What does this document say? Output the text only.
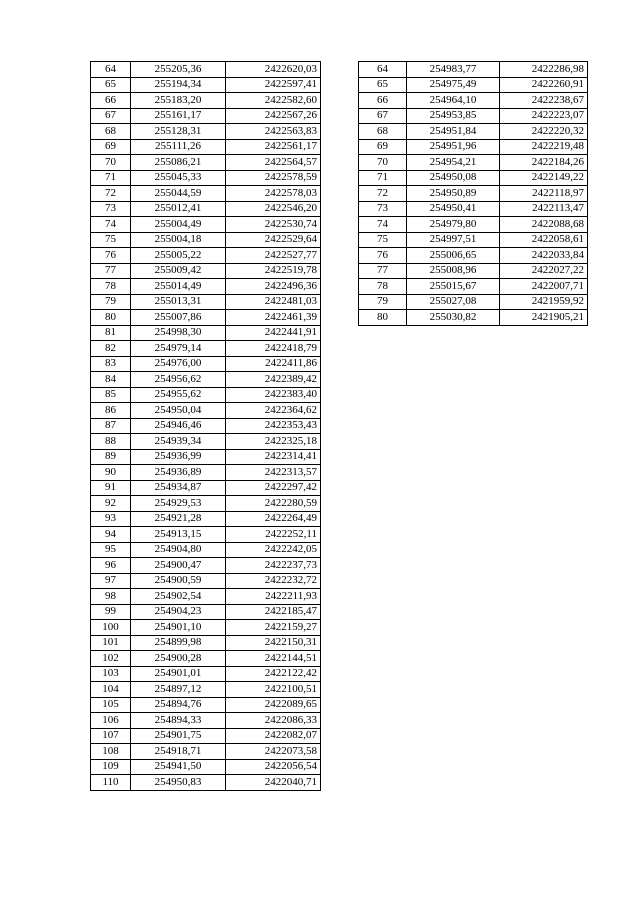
64	255205,36	2422620,03
65	255194,34	2422597,41
66	255183,20	2422582,60
67	255161,17	2422567,26
68	255128,31	2422563,83
69	255111,26	2422561,17
70	255086,21	2422564,57
71	255045,33	2422578,59
72	255044,59	2422578,03
73	255012,41	2422546,20
74	255004,49	2422530,74
75	255004,18	2422529,64
76	255005,22	2422527,77
77	255009,42	2422519,78
78	255014,49	2422496,36
79	255013,31	2422481,03
80	255007,86	2422461,39
81	254998,30	2422441,91
82	254979,14	2422418,79
83	254976,00	2422411,86
84	254956,62	2422389,42
85	254955,62	2422383,40
86	254950,04	2422364,62
87	254946,46	2422353,43
88	254939,34	2422325,18
89	254936,99	2422314,41
90	254936,89	2422313,57
91	254934,87	2422297,42
92	254929,53	2422280,59
93	254921,28	2422264,49
94	254913,15	2422252,11
95	254904,80	2422242,05
96	254900,47	2422237,73
97	254900,59	2422232,72
98	254902,54	2422211,93
99	254904,23	2422185,47
100	254901,10	2422159,27
101	254899,98	2422150,31
102	254900,28	2422144,51
103	254901,01	2422122,42
104	254897,12	2422100,51
105	254894,76	2422089,65
106	254894,33	2422086,33
107	254901,75	2422082,07
108	254918,71	2422073,58
109	254941,50	2422056,54
110	254950,83	2422040,71
64	254983,77	2422286,98
65	254975,49	2422260,91
66	254964,10	2422238,67
67	254953,85	2422223,07
68	254951,84	2422220,32
69	254951,96	2422219,48
70	254954,21	2422184,26
71	254950,08	2422149,22
72	254950,89	2422118,97
73	254950,41	2422113,47
74	254979,80	2422088,68
75	254997,51	2422058,61
76	255006,65	2422033,84
77	255008,96	2422027,22
78	255015,67	2422007,71
79	255027,08	2421959,92
80	255030,82	2421905,21
